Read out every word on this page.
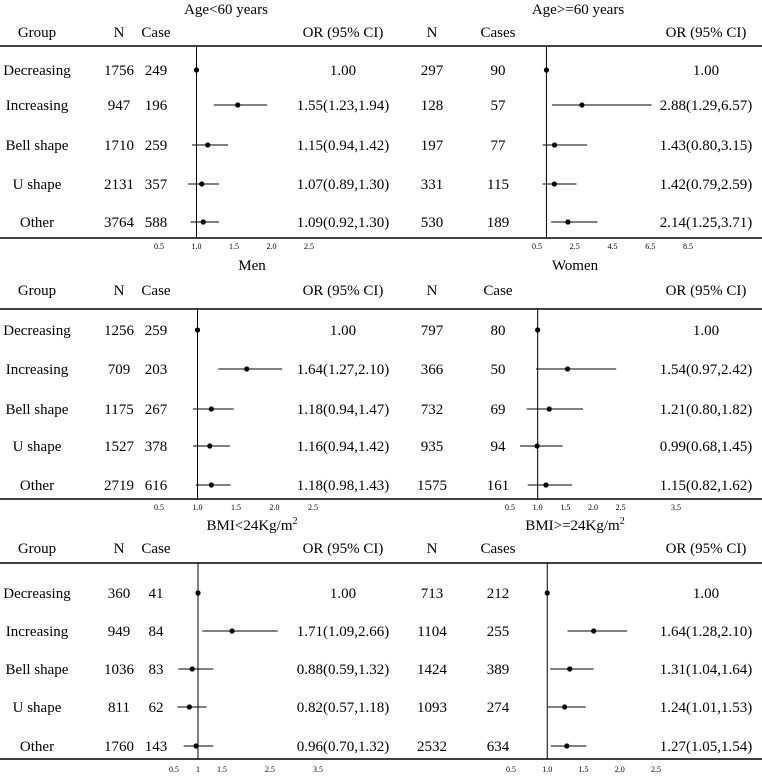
Age<60 years	Age>=60 years
Group	N Case	OR (95% CI)	N	Cases	OR (95% CI)
Decreasing 1756 249	1.00	297	90	1.00
Increasing	947 196	1.55(1.23,1.94) 128	57	2.88(1.29,6.57)
Bell shape 1710 259	1.15(0.94,1.42) 197	77	1.43(0.80,3.15)
U shape	2131 357	1.07(0.89,1.30) 331	115	1.42(0.79,2.59)
Other	3764 588	1.09(0.92,1.30) 530	189	2.14(1.25,3.71)
0.5	1.0	1.5	2.0	2.5	0.5	2.5	4.5	6.5	8.5
Men	Women
Group	N Case	OR (95% CI)	N	Case	OR (95% CI)
Decreasing 1256 259	1.00	797	80	1.00
Increasing	709 203	1.64(1.27,2.10) 366	50	1.54(0.97,2.42)
Bell shape 1175 267	1.18(0.94,1.47) 732	69	1.21(0.80,1.82)
U shape	1527 378	1.16(0.94,1.42) 935	94	0.99(0.68,1.45)
Other	2719 616	1.18(0.98,1.43) 1575	161	1.15(0.82,1.62)
0.5	1.0	1.5	2.0	2.5	0.5 1.0 1.5 2.0 2.5	3.5
$BMI<24Kg/m^2$	$BMI>=24Kg/m^2$
Group	N Case	OR (95% CI)	N	Cases	OR (95% CI)
Decreasing 360 41	1.00	713	212	1.00
Increasing	949 84	1.71(1.09,2.66) 1104	255	1.64(1.28,2.10)
Bell shape 1036 83	0.88(0.59,1.32) 1424	389	1.31(1.04,1.64)
U shape	811 62	0.82(0.57,1.18) 1093	274	1.24(1.01,1.53)
Other	1760 143	0.96(0.70,1.32) 2532	634	1.27(1.05,1.54)
0.5 1 1.5	2.5	3.5	0.5	1.0	1.5	2.0	2.5
